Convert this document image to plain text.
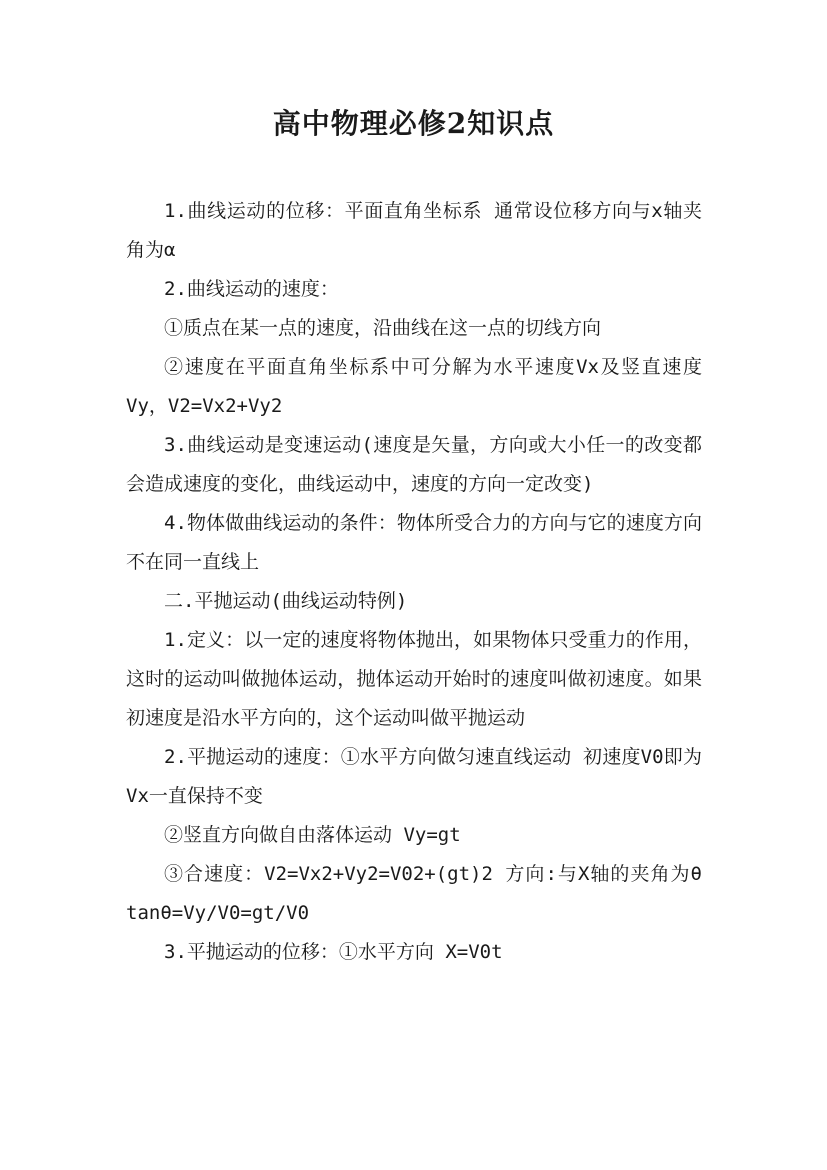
高中物理必修2知识点

1.曲线运动的位移：平面直角坐标系 通常设位移方向与x轴夹角为α

2.曲线运动的速度：

①质点在某一点的速度，沿曲线在这一点的切线方向

②速度在平面直角坐标系中可分解为水平速度Vx及竖直速度Vy，V2=Vx2+Vy2

3.曲线运动是变速运动(速度是矢量，方向或大小任一的改变都会造成速度的变化，曲线运动中，速度的方向一定改变)

4.物体做曲线运动的条件：物体所受合力的方向与它的速度方向不在同一直线上

二.平抛运动(曲线运动特例)

1.定义：以一定的速度将物体抛出，如果物体只受重力的作用，这时的运动叫做抛体运动，抛体运动开始时的速度叫做初速度。如果初速度是沿水平方向的，这个运动叫做平抛运动

2.平抛运动的速度：①水平方向做匀速直线运动 初速度V0即为Vx一直保持不变

②竖直方向做自由落体运动 Vy=gt

③合速度：V2=Vx2+Vy2=V02+(gt)2 方向:与X轴的夹角为θ tanθ=Vy/V0=gt/V0

3.平抛运动的位移：①水平方向 X=V0t
